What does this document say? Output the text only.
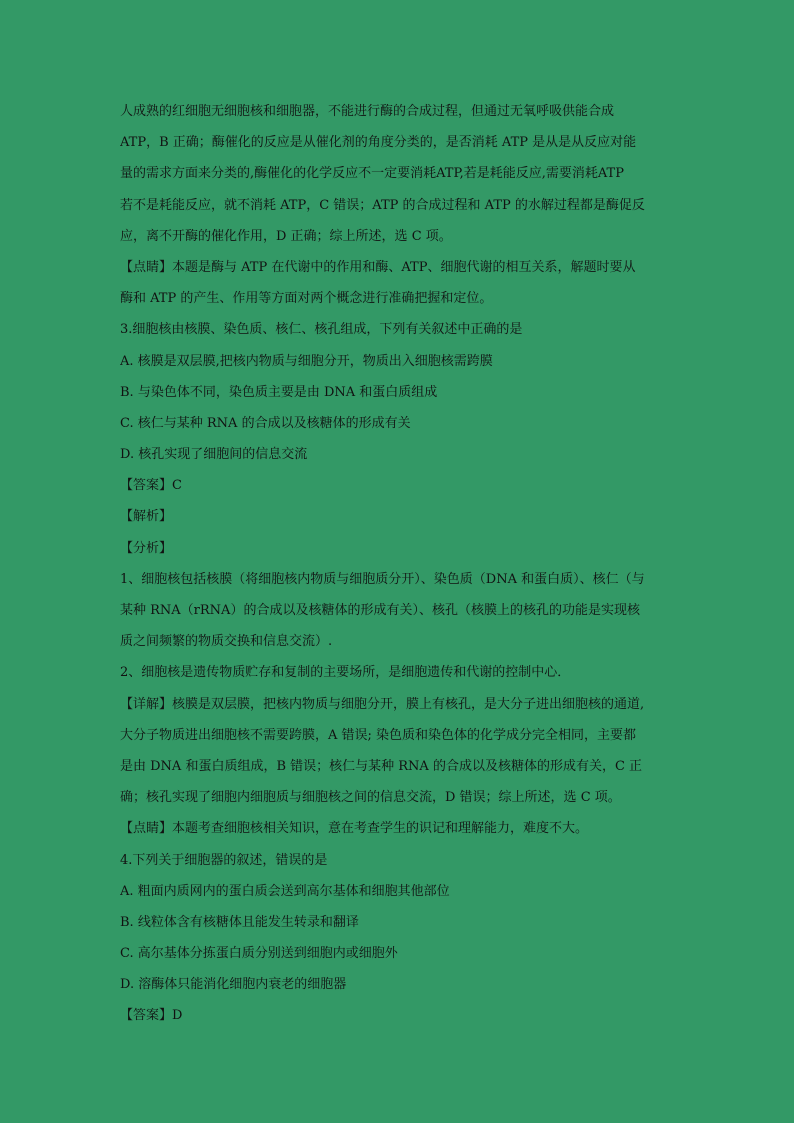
人成熟的红细胞无细胞核和细胞器，不能进行酶的合成过程，但通过无氧呼吸供能合成
ATP，B 正确；酶催化的反应是从催化剂的角度分类的，是否消耗 ATP 是从是从反应对能
量的需求方面来分类的,酶催化的化学反应不一定要消耗ATP,若是耗能反应,需要消耗ATP
若不是耗能反应，就不消耗 ATP，C 错误；ATP 的合成过程和 ATP 的水解过程都是酶促反
应，离不开酶的催化作用，D 正确；综上所述，选 C 项。
【点睛】本题是酶与 ATP 在代谢中的作用和酶、ATP、细胞代谢的相互关系，解题时要从
酶和 ATP 的产生、作用等方面对两个概念进行准确把握和定位。
3.细胞核由核膜、染色质、核仁、核孔组成，下列有关叙述中正确的是
A. 核膜是双层膜,把核内物质与细胞分开，物质出入细胞核需跨膜
B. 与染色体不同，染色质主要是由 DNA 和蛋白质组成
C. 核仁与某种 RNA 的合成以及核糖体的形成有关
D. 核孔实现了细胞间的信息交流
【答案】C
【解析】
【分析】
1、细胞核包括核膜（将细胞核内物质与细胞质分开）、染色质（DNA 和蛋白质）、核仁（与
某种 RNA（rRNA）的合成以及核糖体的形成有关）、核孔（核膜上的核孔的功能是实现核
质之间频繁的物质交换和信息交流）.
2、细胞核是遗传物质贮存和复制的主要场所，是细胞遗传和代谢的控制中心．
【详解】核膜是双层膜，把核内物质与细胞分开，膜上有核孔，是大分子进出细胞核的通道,
大分子物质进出细胞核不需要跨膜，A 错误; 染色质和染色体的化学成分完全相同，主要都
是由 DNA 和蛋白质组成，B 错误；核仁与某种 RNA 的合成以及核糖体的形成有关，C 正
确；核孔实现了细胞内细胞质与细胞核之间的信息交流，D 错误；综上所述，选 C 项。
【点睛】本题考查细胞核相关知识，意在考查学生的识记和理解能力，难度不大。
4.下列关于细胞器的叙述，错误的是
A. 粗面内质网内的蛋白质会送到高尔基体和细胞其他部位
B. 线粒体含有核糖体且能发生转录和翻译
C. 高尔基体分拣蛋白质分别送到细胞内或细胞外
D. 溶酶体只能消化细胞内衰老的细胞器
【答案】D
